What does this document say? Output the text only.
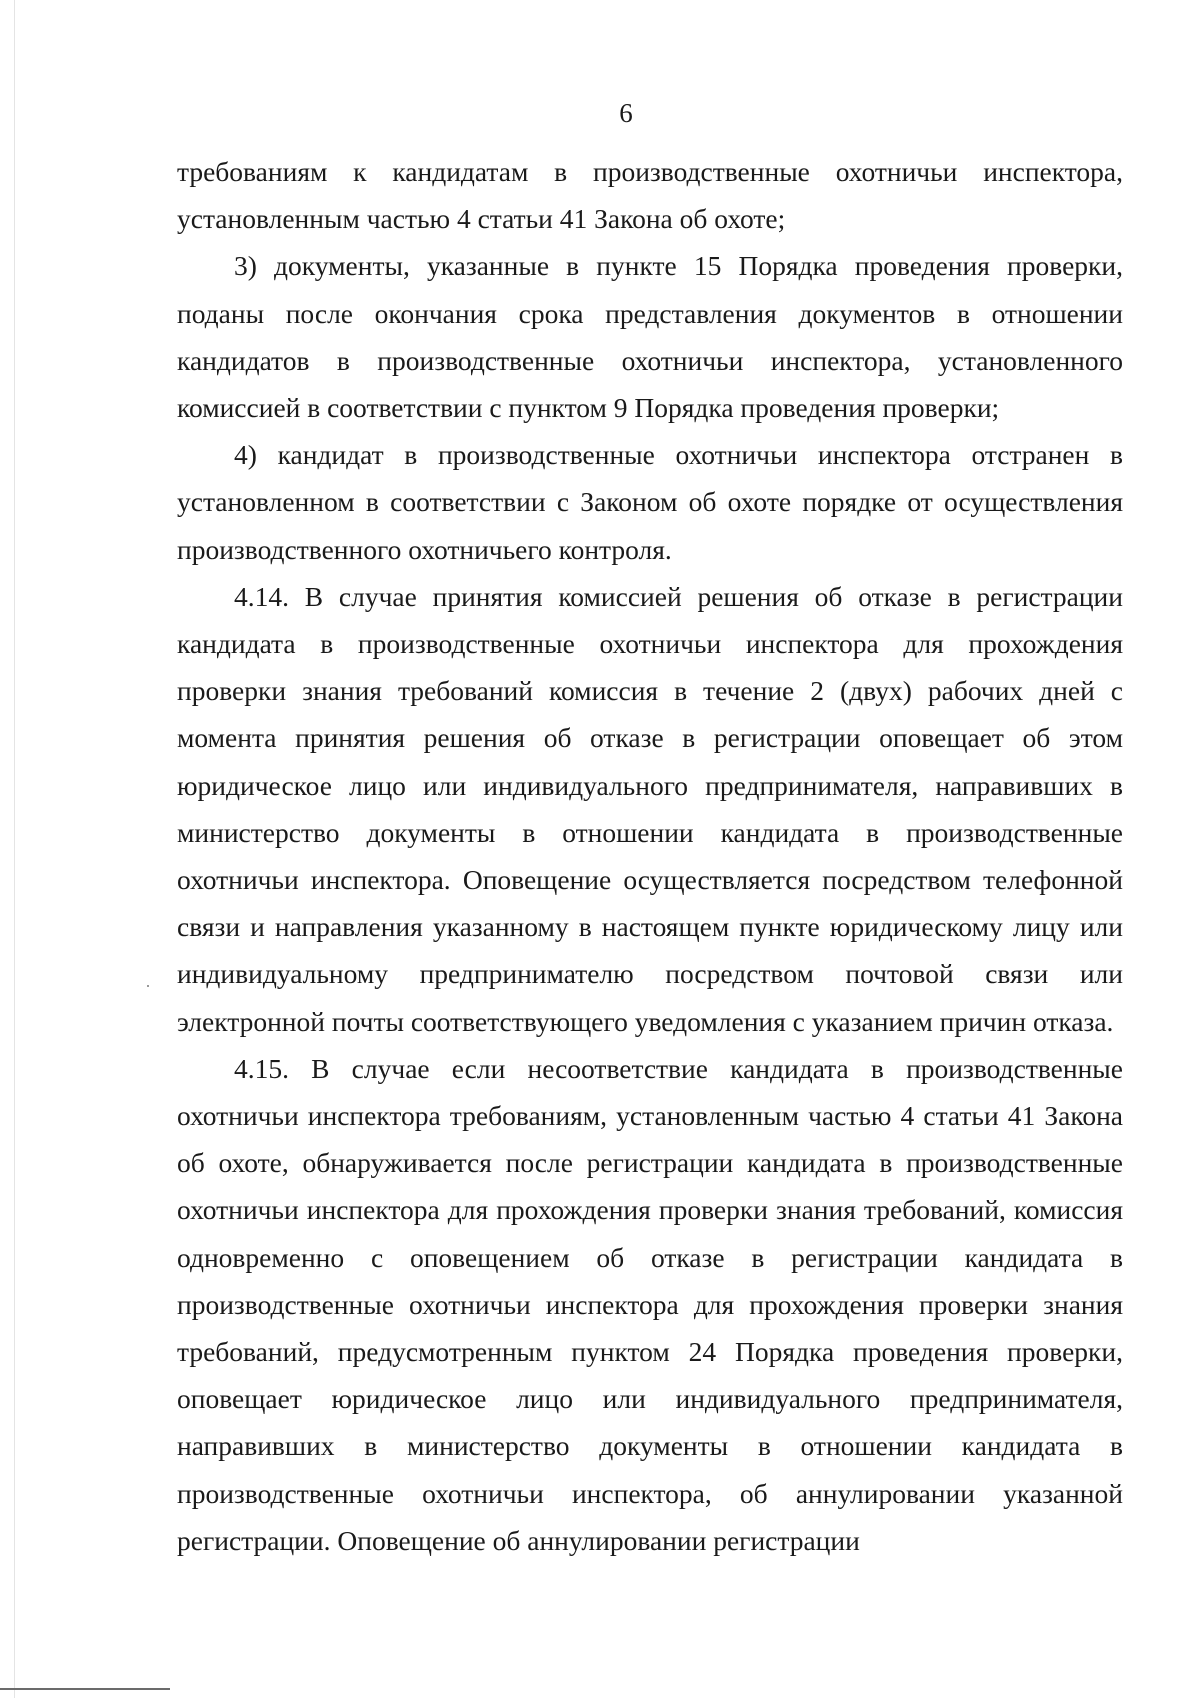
6

требованиям к кандидатам в производственные охотничьи инспектора, установленным частью 4 статьи 41 Закона об охоте;

3) документы, указанные в пункте 15 Порядка проведения проверки, поданы после окончания срока представления документов в отношении кандидатов в производственные охотничьи инспектора, установленного комиссией в соответствии с пунктом 9 Порядка проведения проверки;

4) кандидат в производственные охотничьи инспектора отстранен в установленном в соответствии с Законом об охоте порядке от осуществления производственного охотничьего контроля.

4.14. В случае принятия комиссией решения об отказе в регистрации кандидата в производственные охотничьи инспектора для прохождения проверки знания требований комиссия в течение 2 (двух) рабочих дней с момента принятия решения об отказе в регистрации оповещает об этом юридическое лицо или индивидуального предпринимателя, направивших в министерство документы в отношении кандидата в производственные охотничьи инспектора. Оповещение осуществляется посредством телефонной связи и направления указанному в настоящем пункте юридическому лицу или индивидуальному предпринимателю посредством почтовой связи или электронной почты соответствующего уведомления с указанием причин отказа.

4.15. В случае если несоответствие кандидата в производственные охотничьи инспектора требованиям, установленным частью 4 статьи 41 Закона об охоте, обнаруживается после регистрации кандидата в производственные охотничьи инспектора для прохождения проверки знания требований, комиссия одновременно с оповещением об отказе в регистрации кандидата в производственные охотничьи инспектора для прохождения проверки знания требований, предусмотренным пунктом 24 Порядка проведения проверки, оповещает юридическое лицо или индивидуального предпринимателя, направивших в министерство документы в отношении кандидата в производственные охотничьи инспектора, об аннулировании указанной регистрации. Оповещение об аннулировании регистрации
